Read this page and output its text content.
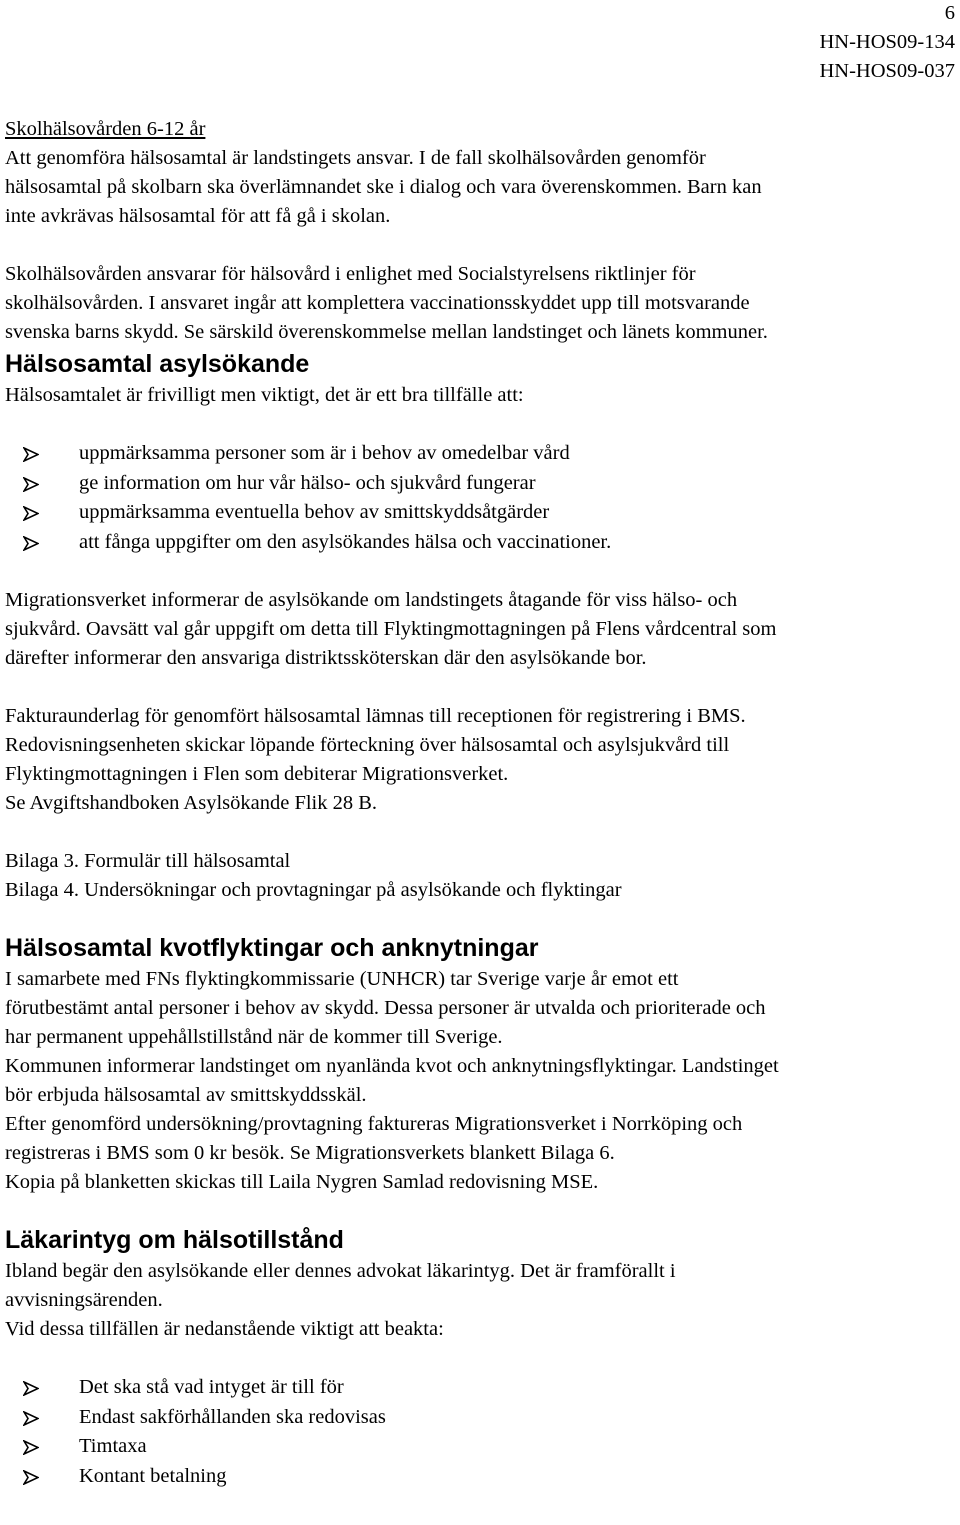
6
HN-HOS09-134
HN-HOS09-037

Skolhälsovården 6-12 år

Att genomföra hälsosamtal är landstingets ansvar. I de fall skolhälsovården genomför

hälsosamtal på skolbarn ska överlämnandet ske i dialog och vara överenskommen. Barn kan

inte avkrävas hälsosamtal för att få gå i skolan.

Skolhälsovården ansvarar för hälsovård i enlighet med Socialstyrelsens riktlinjer för

skolhälsovården. I ansvaret ingår att komplettera vaccinationsskyddet upp till motsvarande

svenska barns skydd. Se särskild överenskommelse mellan landstinget och länets kommuner.

Hälsosamtal asylsökande

Hälsosamtalet är frivilligt men viktigt, det är ett bra tillfälle att:

uppmärksamma personer som är i behov av omedelbar vård
ge information om hur vår hälso- och sjukvård fungerar
uppmärksamma eventuella behov av smittskyddsåtgärder
att fånga uppgifter om den asylsökandes hälsa och vaccinationer.

Migrationsverket informerar de asylsökande om landstingets åtagande för viss hälso- och

sjukvård. Oavsätt val går uppgift om detta till Flyktingmottagningen på Flens vårdcentral som

därefter informerar den ansvariga distriktssköterskan där den asylsökande bor.

Fakturaunderlag för genomfört hälsosamtal lämnas till receptionen för registrering i BMS.

Redovisningsenheten skickar löpande förteckning över hälsosamtal och asylsjukvård till

Flyktingmottagningen i Flen som debiterar Migrationsverket.

Se Avgiftshandboken Asylsökande Flik 28 B.

Bilaga 3. Formulär till hälsosamtal

Bilaga 4. Undersökningar och provtagningar på asylsökande och flyktingar

Hälsosamtal kvotflyktingar och anknytningar

I samarbete med FNs flyktingkommissarie (UNHCR) tar Sverige varje år emot ett

förutbestämt antal personer i behov av skydd. Dessa personer är utvalda och prioriterade och

har permanent uppehållstillstånd när de kommer till Sverige.

Kommunen informerar landstinget om nyanlända kvot och anknytningsflyktingar. Landstinget

bör erbjuda hälsosamtal av smittskyddsskäl.

Efter genomförd undersökning/provtagning faktureras Migrationsverket i Norrköping och

registreras i BMS som 0 kr besök. Se Migrationsverkets blankett Bilaga 6.

Kopia på blanketten skickas till Laila Nygren Samlad redovisning MSE.

Läkarintyg om hälsotillstånd

Ibland begär den asylsökande eller dennes advokat läkarintyg. Det är framförallt i

avvisningsärenden.

Vid dessa tillfällen är nedanstående viktigt att beakta:

Det ska stå vad intyget är till för
Endast sakförhållanden ska redovisas
Timtaxa
Kontant betalning
